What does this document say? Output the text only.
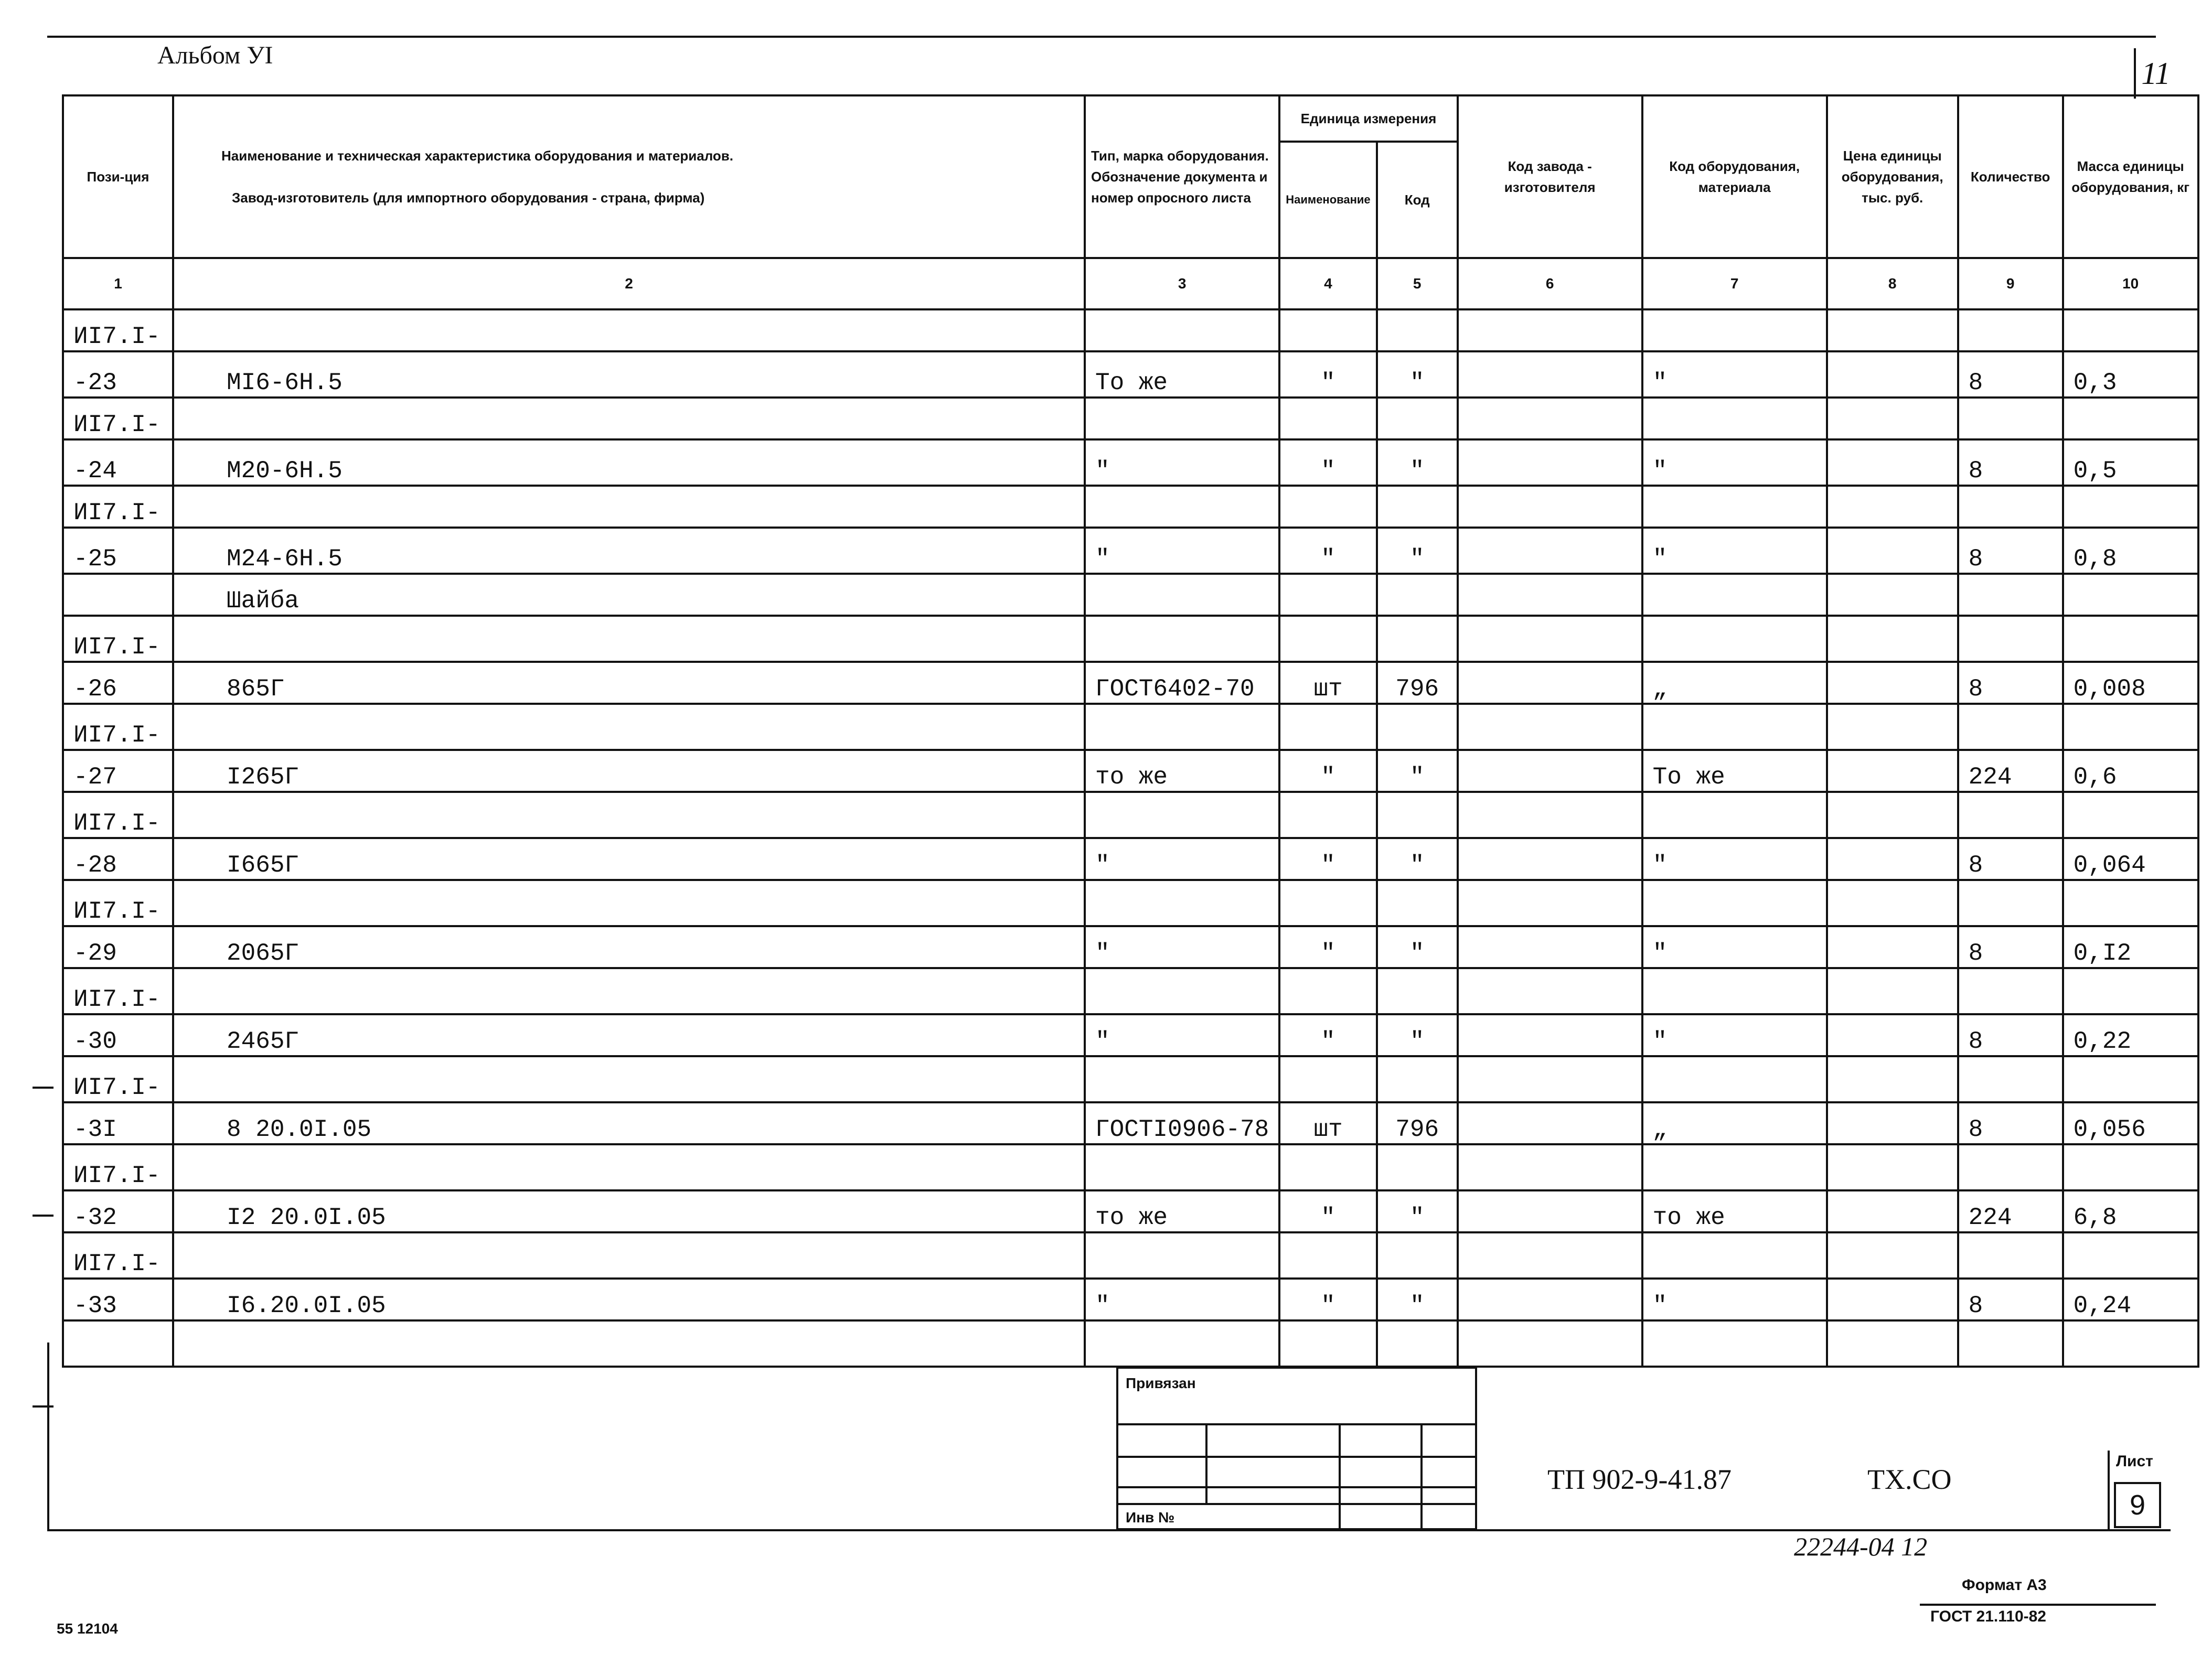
Альбом УI
11
Пози-ция	Наименование и техническая характеристика оборудования и материалов.
Завод-изготовитель (для импортного оборудования - страна, фирма)	Тип, марка оборудования. Обозначение документа и номер опросного листа	Единица измерения		Код завода - изготовителя	Код оборудования, материала	Цена единицы оборудования, тыс. руб.	Количество	Масса единицы оборудования, кг
			Наименование	Код					
1	2	3	4	5	6	7	8	9	10
ИI7.I-									
-23	MI6-6H.5	То же	"	"		"		8	0,3
ИI7.I-									
-24	M20-6H.5	"	"	"		"		8	0,5
ИI7.I-									
-25	M24-6H.5	"	"	"		"		8	0,8
	Шайба								
ИI7.I-									
-26	865Г	ГОСТ6402-70	шт	796		„		8	0,008
ИI7.I-									
-27	I265Г	то же	"	"		То же		224	0,6
ИI7.I-									
-28	I665Г	"	"	"		"		8	0,064
ИI7.I-									
-29	2065Г	"	"	"		"		8	0,I2
ИI7.I-									
-30	2465Г	"	"	"		"		8	0,22
ИI7.I-									
-3I	8 20.0I.05	ГОСТI0906-78	шт	796		„		8	0,056
ИI7.I-									
-32	I2 20.0I.05	то же	"	"		то же		224	6,8
ИI7.I-									
-33	I6.20.0I.05	"	"	"		"		8	0,24

Привязан
Инв №
ТП 902-9-41.87	ТХ.СО
Лист
9
22244-04 12
Формат А3
ГОСТ 21.110-82
55 12104
